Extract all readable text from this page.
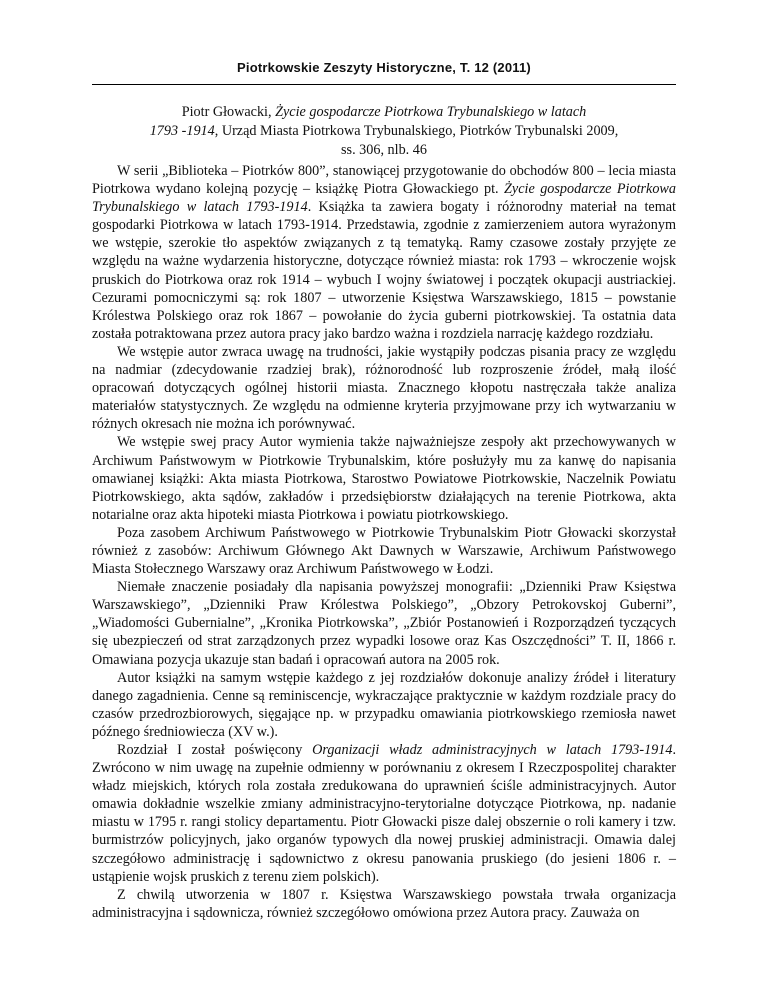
Piotrkowskie Zeszyty Historyczne, T. 12 (2011)
Piotr Głowacki, Życie gospodarcze Piotrkowa Trybunalskiego w latach
1793 -1914, Urząd Miasta Piotrkowa Trybunalskiego, Piotrków Trybunalski 2009,
ss. 306, nlb. 46

W serii „Biblioteka – Piotrków 800”, stanowiącej przygotowanie do obchodów 800 – lecia miasta Piotrkowa wydano kolejną pozycję – książkę Piotra Głowackiego pt. Życie gospodarcze Piotrkowa Trybunalskiego w latach 1793-1914. Książka ta zawiera bogaty i różnorodny materiał na temat gospodarki Piotrkowa w latach 1793-1914. Przedstawia, zgodnie z zamierzeniem autora wyrażonym we wstępie, szerokie tło aspektów związanych z tą tematyką. Ramy czasowe zostały przyjęte ze względu na ważne wydarzenia historyczne, dotyczące również miasta: rok 1793 – wkroczenie wojsk pruskich do Piotrkowa oraz rok 1914 – wybuch I wojny światowej i początek okupacji austriackiej. Cezurami pomocniczymi są: rok 1807 – utworzenie Księstwa Warszawskiego, 1815 – powstanie Królestwa Polskiego oraz rok 1867 – powołanie do życia guberni piotrkowskiej. Ta ostatnia data została potraktowana przez autora pracy jako bardzo ważna i rozdziela narrację każdego rozdziału.

We wstępie autor zwraca uwagę na trudności, jakie wystąpiły podczas pisania pracy ze względu na nadmiar (zdecydowanie rzadziej brak), różnorodność lub rozproszenie źródeł, małą ilość opracowań dotyczących ogólnej historii miasta. Znacznego kłopotu nastręczała także analiza materiałów statystycznych. Ze względu na odmienne kryteria przyjmowane przy ich wytwarzaniu w różnych okresach nie można ich porównywać.

We wstępie swej pracy Autor wymienia także najważniejsze zespoły akt przechowywanych w Archiwum Państwowym w Piotrkowie Trybunalskim, które posłużyły mu za kanwę do napisania omawianej książki: Akta miasta Piotrkowa, Starostwo Powiatowe Piotrkowskie, Naczelnik Powiatu Piotrkowskiego, akta sądów, zakładów i przedsiębiorstw działających na terenie Piotrkowa, akta notarialne oraz akta hipoteki miasta Piotrkowa i powiatu piotrkowskiego.

Poza zasobem Archiwum Państwowego w Piotrkowie Trybunalskim Piotr Głowacki skorzystał również z zasobów: Archiwum Głównego Akt Dawnych w Warszawie, Archiwum Państwowego Miasta Stołecznego Warszawy oraz Archiwum Państwowego w Łodzi.

Niemałe znaczenie posiadały dla napisania powyższej monografii: „Dzienniki Praw Księstwa Warszawskiego”, „Dzienniki Praw Królestwa Polskiego”, „Obzory Petrokovskoj Guberni”, „Wiadomości Gubernialne”, „Kronika Piotrkowska”, „Zbiór Postanowień i Rozporządzeń tyczących się ubezpieczeń od strat zarządzonych przez wypadki losowe oraz Kas Oszczędności” T. II, 1866 r. Omawiana pozycja ukazuje stan badań i opracowań autora na 2005 rok.

Autor książki na samym wstępie każdego z jej rozdziałów dokonuje analizy źródeł i literatury danego zagadnienia. Cenne są reminiscencje, wykraczające praktycznie w każdym rozdziale pracy do czasów przedrozbiorowych, sięgające np. w przypadku omawiania piotrkowskiego rzemiosła nawet późnego średniowiecza (XV w.).

Rozdział I został poświęcony Organizacji władz administracyjnych w latach 1793-1914. Zwrócono w nim uwagę na zupełnie odmienny w porównaniu z okresem I Rzeczpospolitej charakter władz miejskich, których rola została zredukowana do uprawnień ściśle administracyjnych. Autor omawia dokładnie wszelkie zmiany administracyjno-terytorialne dotyczące Piotrkowa, np. nadanie miastu w 1795 r. rangi stolicy departamentu. Piotr Głowacki pisze dalej obszernie o roli kamery i tzw. burmistrzów policyjnych, jako organów typowych dla nowej pruskiej administracji. Omawia dalej szczegółowo administrację i sądownictwo z okresu panowania pruskiego (do jesieni 1806 r. – ustąpienie wojsk pruskich z terenu ziem polskich).

Z chwilą utworzenia w 1807 r. Księstwa Warszawskiego powstała trwała organizacja administracyjna i sądownicza, również szczegółowo omówiona przez Autora pracy. Zauważa on
